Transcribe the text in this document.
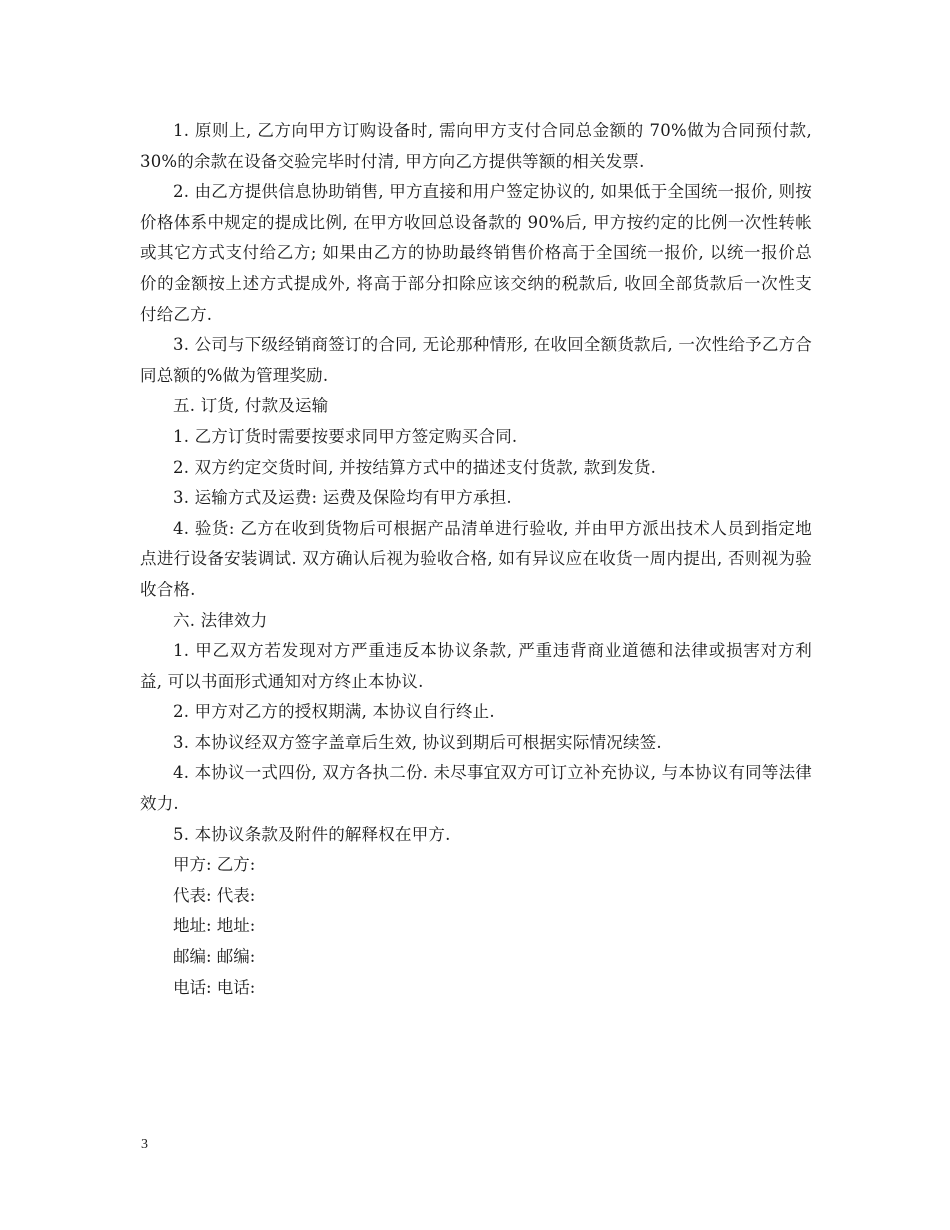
1. 原则上, 乙方向甲方订购设备时, 需向甲方支付合同总金额的 70%做为合同预付款, 30%的余款在设备交验完毕时付清, 甲方向乙方提供等额的相关发票.

2. 由乙方提供信息协助销售, 甲方直接和用户签定协议的, 如果低于全国统一报价, 则按价格体系中规定的提成比例, 在甲方收回总设备款的 90%后, 甲方按约定的比例一次性转帐或其它方式支付给乙方; 如果由乙方的协助最终销售价格高于全国统一报价, 以统一报价总价的金额按上述方式提成外, 将高于部分扣除应该交纳的税款后, 收回全部货款后一次性支付给乙方.

3. 公司与下级经销商签订的合同, 无论那种情形, 在收回全额货款后, 一次性给予乙方合同总额的%做为管理奖励.

五. 订货, 付款及运输

1. 乙方订货时需要按要求同甲方签定购买合同.

2. 双方约定交货时间, 并按结算方式中的描述支付货款, 款到发货.

3. 运输方式及运费: 运费及保险均有甲方承担.

4. 验货: 乙方在收到货物后可根据产品清单进行验收, 并由甲方派出技术人员到指定地点进行设备安装调试. 双方确认后视为验收合格, 如有异议应在收货一周内提出, 否则视为验收合格.

六. 法律效力

1. 甲乙双方若发现对方严重违反本协议条款, 严重违背商业道德和法律或损害对方利益, 可以书面形式通知对方终止本协议.

2. 甲方对乙方的授权期满, 本协议自行终止.

3. 本协议经双方签字盖章后生效, 协议到期后可根据实际情况续签.

4. 本协议一式四份, 双方各执二份. 未尽事宜双方可订立补充协议, 与本协议有同等法律效力.

5. 本协议条款及附件的解释权在甲方.

甲方: 乙方:

代表: 代表:

地址: 地址:

邮编: 邮编:

电话: 电话:

3
